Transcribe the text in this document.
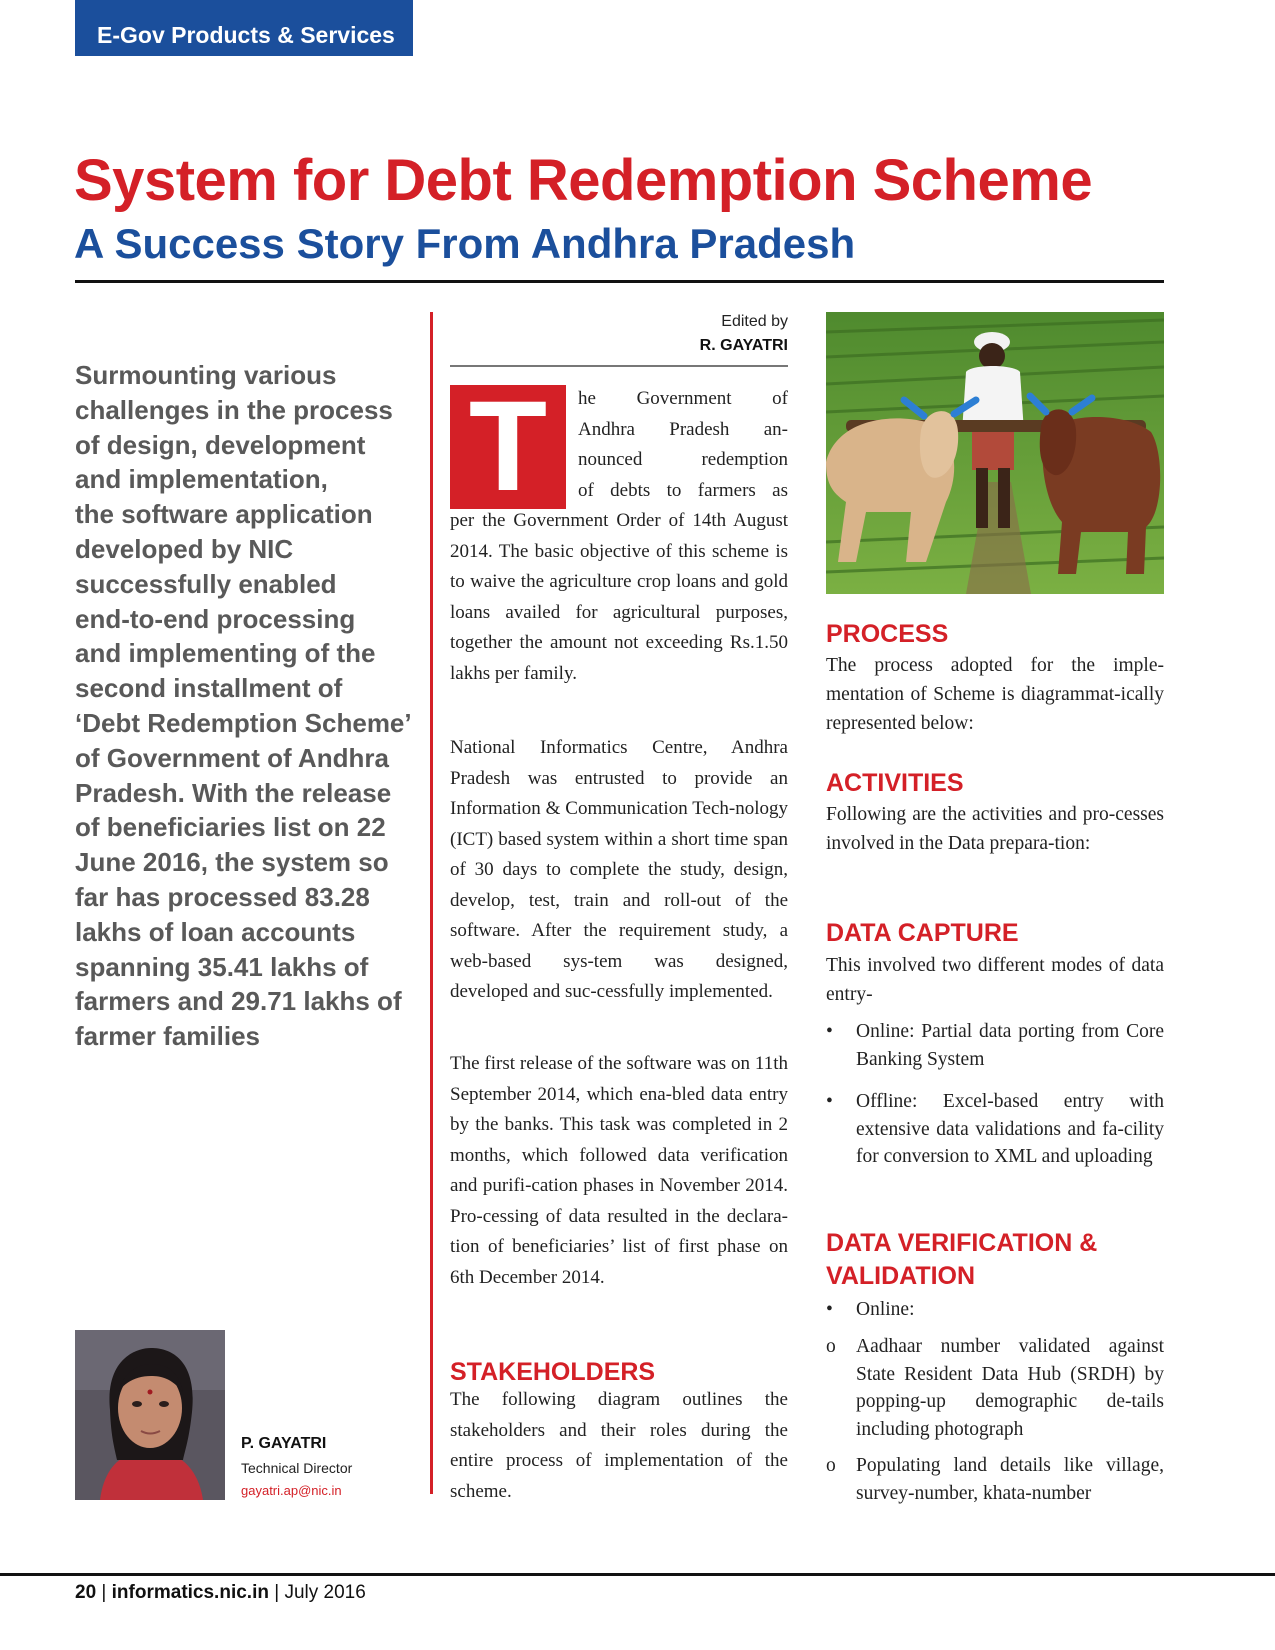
E-Gov Products & Services
System for Debt Redemption Scheme
A Success Story From Andhra Pradesh
Surmounting various
challenges in the process
of design, development
and implementation,
the software application
developed by NIC
successfully enabled
end-to-end processing
and implementing of the
second installment of
‘Debt Redemption Scheme’
of Government of Andhra
Pradesh. With the release
of beneficiaries list on 22
June 2016, the system so
far has processed 83.28
lakhs of loan accounts
spanning 35.41 lakhs of
farmers and 29.71 lakhs of
farmer families
P. GAYATRI
Technical Director
gayatri.ap@nic.in
Edited by
R. GAYATRI
T	he Government of
Andhra Pradesh an-
nounced redemption
of debts to farmers as

per the Government Order of 14th August 2014. The basic objective of this scheme is to waive the agriculture crop loans and gold loans availed for agricultural purposes, together the amount not exceeding Rs.1.50 lakhs per family.

National Informatics Centre, Andhra Pradesh was entrusted to provide an Information & Communication Tech-nology (ICT) based system within a short time span of 30 days to complete the study, design, develop, test, train and roll-out of the software. After the requirement study, a web-based sys-tem was designed, developed and suc-cessfully implemented.

The first release of the software was on 11th September 2014, which ena-bled data entry by the banks. This task was completed in 2 months, which followed data verification and purifi-cation phases in November 2014. Pro-cessing of data resulted in the declara-tion of beneficiaries’ list of first phase on 6th December 2014.

STAKEHOLDERS

The following diagram outlines the stakeholders and their roles during the entire process of implementation of the scheme.

PROCESS
The process adopted for the imple-mentation of Scheme is diagrammat-ically represented below:
ACTIVITIES
Following are the activities and pro-cesses involved in the Data prepara-tion:
DATA CAPTURE
This involved two different modes of data entry-
•	Online: Partial data porting from Core Banking System
•	Offline: Excel-based entry with extensive data validations and fa-cility for conversion to XML and uploading
DATA VERIFICATION &
VALIDATION
•	Online:
o	Aadhaar number validated against State Resident Data Hub (SRDH) by popping-up demographic de-tails including photograph
o	Populating land details like village, survey-number, khata-number
20 | informatics.nic.in | July 2016
